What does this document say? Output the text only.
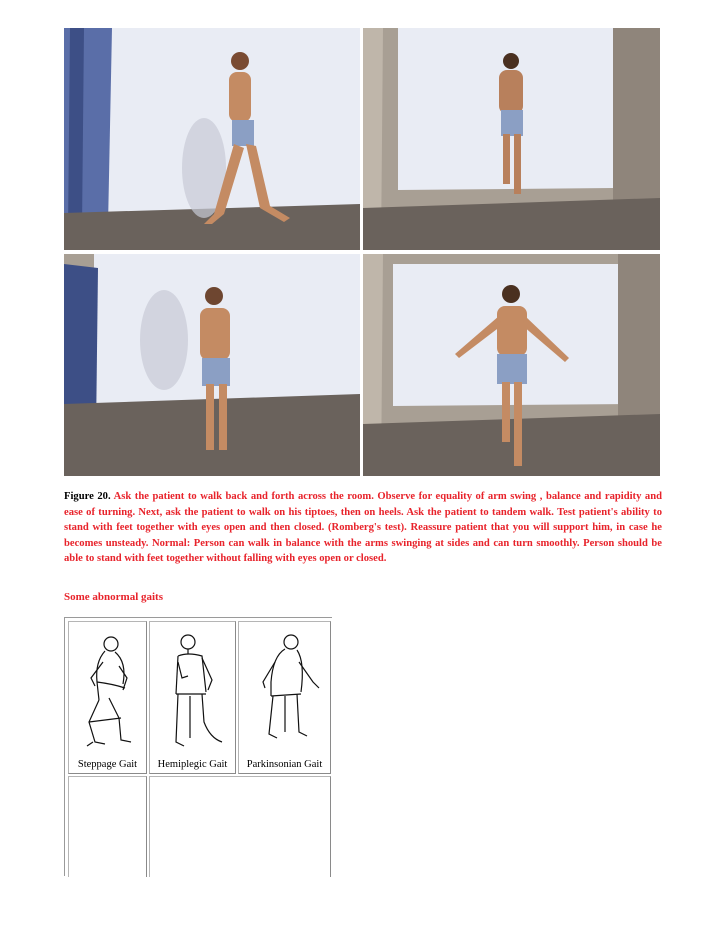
Figure 20. Ask the patient to walk back and forth across the room. Observe for equality of arm swing , balance and rapidity and ease of turning. Next, ask the patient to walk on his tiptoes, then on heels. Ask the patient to tandem walk. Test patient's ability to stand with feet together with eyes open and then closed. (Romberg's test). Reassure patient that you will support him, in case he becomes unsteady. Normal: Person can walk in balance with the arms swinging at sides and can turn smoothly. Person should be able to stand with feet together without falling with eyes open or closed.

Some abnormal gaits

Steppage Gait	Hemiplegic Gait	Parkinsonian Gait
